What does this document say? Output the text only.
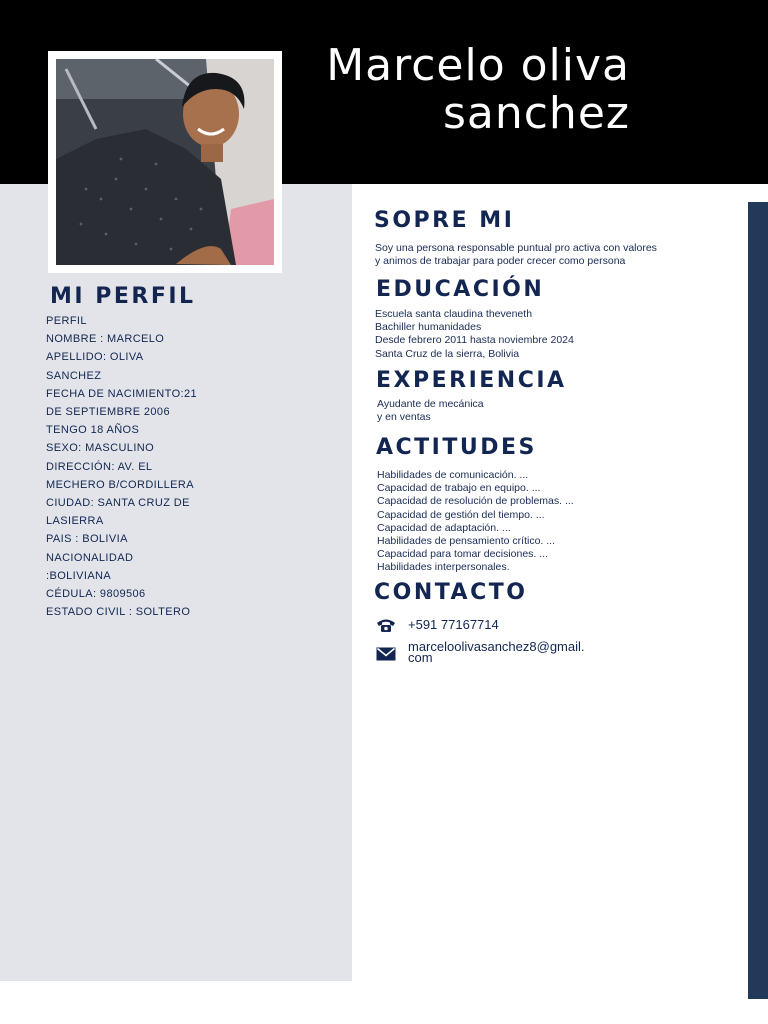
Marcelo oliva
sanchez
MI PERFIL
PERFIL
NOMBRE : MARCELO
APELLIDO: OLIVA
SANCHEZ
FECHA DE NACIMIENTO:21
DE SEPTIEMBRE 2006
TENGO 18 AÑOS
SEXO: MASCULINO
DIRECCIÓN: AV. EL
MECHERO B/CORDILLERA
CIUDAD: SANTA CRUZ DE
LASIERRA
PAIS : BOLIVIA
NACIONALIDAD
:BOLIVIANA
CÉDULA: 9809506
ESTADO CIVIL : SOLTERO
SOPRE MI
Soy una persona responsable puntual pro activa con valores
y animos de trabajar para poder crecer como persona
EDUCACIÓN
Escuela santa claudina theveneth
Bachiller humanidades
Desde febrero 2011 hasta noviembre 2024
Santa Cruz de la sierra, Bolivia
EXPERIENCIA
Ayudante de mecánica
y en ventas
ACTITUDES
Habilidades de comunicación. ...
Capacidad de trabajo en equipo. ...
Capacidad de resolución de problemas. ...
Capacidad de gestión del tiempo. ...
Capacidad de adaptación. ...
Habilidades de pensamiento crítico. ...
Capacidad para tomar decisiones. ...
Habilidades interpersonales.
CONTACTO
+591 77167714
marceloolivasanchez8@gmail.
com
